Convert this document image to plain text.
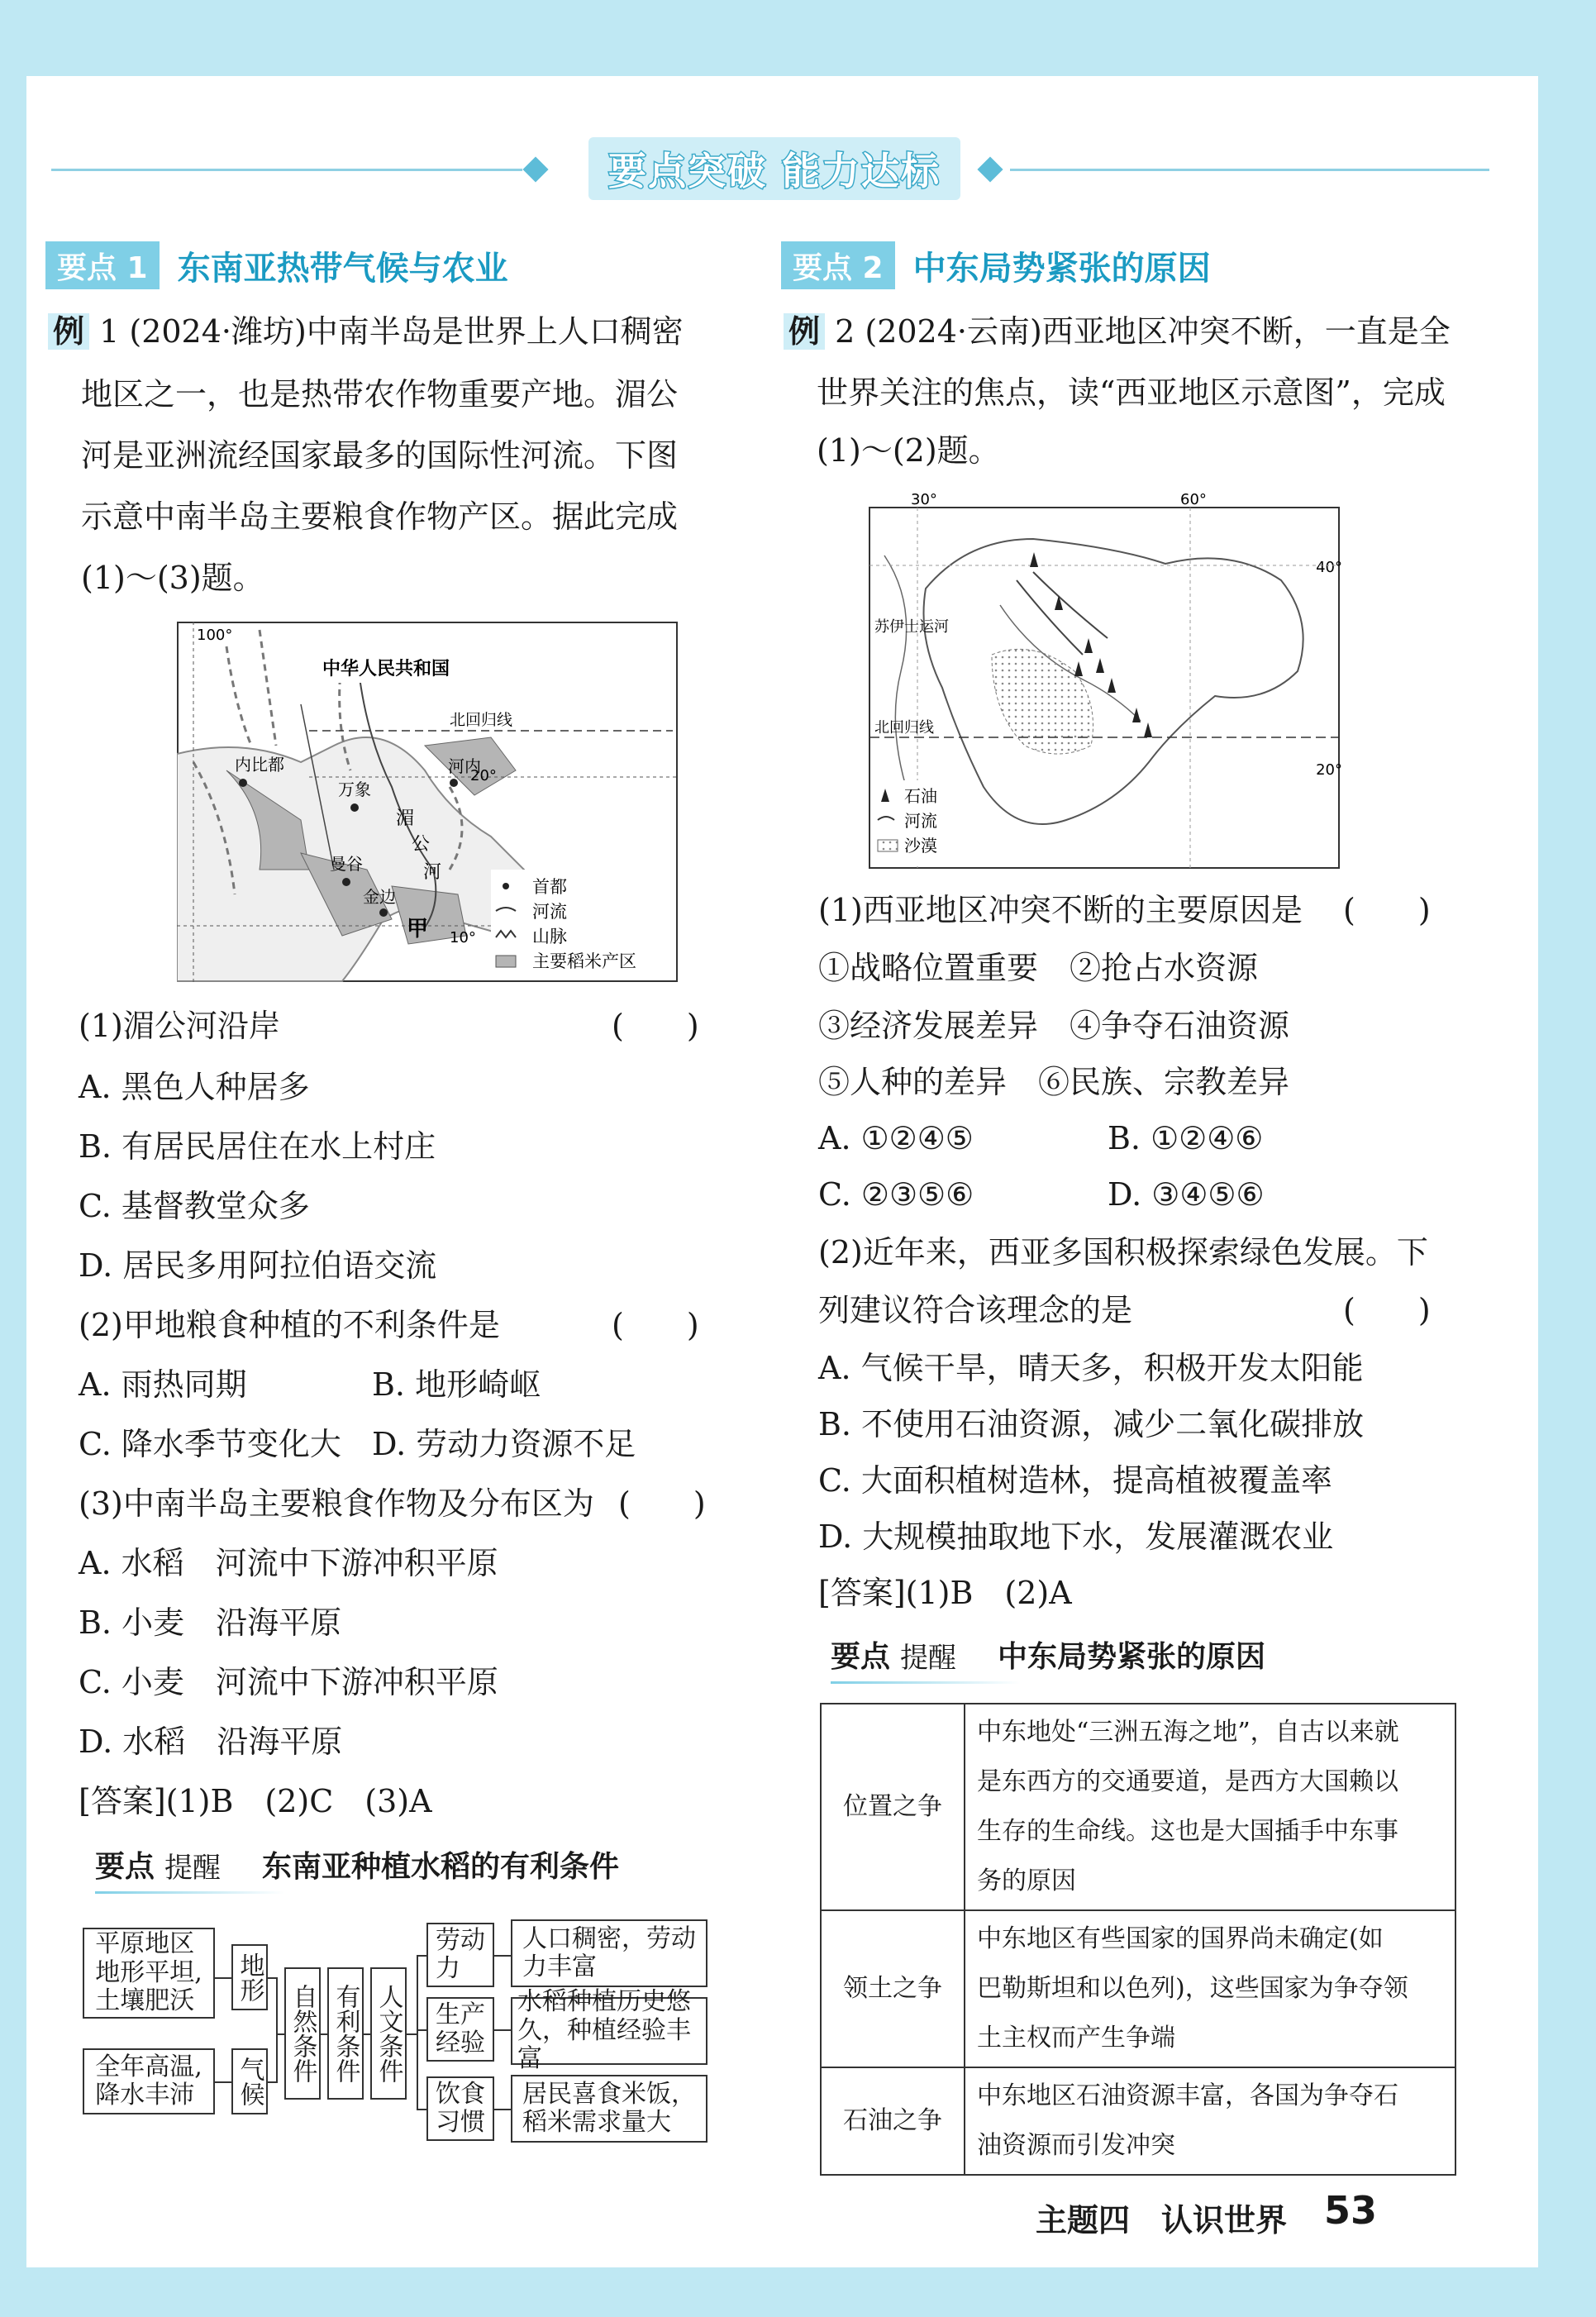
要点突破 能力达标
要点 1 东南亚热带气候与农业
例 1 (2024·潍坊)中南半岛是世界上人口稠密
地区之一，也是热带农作物重要产地。湄公
河是亚洲流经国家最多的国际性河流。下图
示意中南半岛主要粮食作物产区。据此完成
(1)～(3)题。
中华人民共和国
100°
北回归线
河内
内比都
万象
曼谷
金边
湄
公
河
甲
20°
10°
首都
河流
山脉
主要稻米产区
(1)湄公河沿岸	(　　)
A. 黑色人种居多
B. 有居民居住在水上村庄
C. 基督教堂众多
D. 居民多用阿拉伯语交流
(2)甲地粮食种植的不利条件是	(　　)
A. 雨热同期	B. 地形崎岖
C. 降水季节变化大 D. 劳动力资源不足
(3)中南半岛主要粮食作物及分布区为 (　　)
A. 水稻　河流中下游冲积平原
B. 小麦　沿海平原
C. 小麦　河流中下游冲积平原
D. 水稻　沿海平原
[答案](1)B　(2)C　(3)A
要点 提醒 东南亚种植水稻的有利条件
平原地区
地形平坦,
土壤肥沃
全年高温,
降水丰沛
地形
气候 自然条件 有利条件 人文条件
劳动
力
生产
经验
饮食
习惯
人口稠密，劳动
力丰富
水稻种植历史悠
久，种植经验丰富
居民喜食米饭，
稻米需求量大
要点 2 中东局势紧张的原因
例 2 (2024·云南)西亚地区冲突不断，一直是全
世界关注的焦点，读“西亚地区示意图”，完成
(1)～(2)题。
30°	60°
40°
20°
苏伊士运河
北回归线
石油
河流
沙漠
(1)西亚地区冲突不断的主要原因是 (　　)
①战略位置重要　②抢占水资源
③经济发展差异　④争夺石油资源
⑤人种的差异　⑥民族、宗教差异
A. ①②④⑤	B. ①②④⑥
C. ②③⑤⑥	D. ③④⑤⑥
(2)近年来，西亚多国积极探索绿色发展。下
列建议符合该理念的是	(　　)
A. 气候干旱，晴天多，积极开发太阳能
B. 不使用石油资源，减少二氧化碳排放
C. 大面积植树造林，提高植被覆盖率
D. 大规模抽取地下水，发展灌溉农业
[答案](1)B　(2)A
要点 提醒 中东局势紧张的原因
位置之争	中东地处“三洲五海之地”，自古以来就
是东西方的交通要道，是西方大国赖以
生存的生命线。这也是大国插手中东事
务的原因

领土之争	中东地区有些国家的国界尚未确定(如
巴勒斯坦和以色列)，这些国家为争夺领
土主权而产生争端

石油之争	中东地区石油资源丰富，各国为争夺石
油资源而引发冲突
主题四　认识世界 53
